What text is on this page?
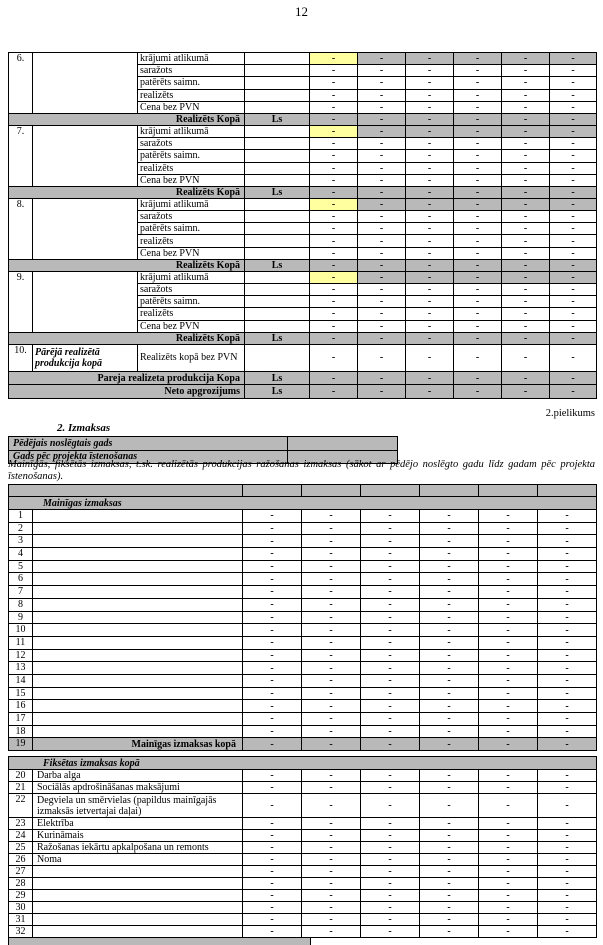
12
6.		krājumi atlikumā		-	-	-	-	-	-
		saražots		-	-	-	-	-	-
		patērēts saimn.		-	-	-	-	-	-
		realizēts		-	-	-	-	-	-
		Cena bez PVN		-	-	-	-	-	-
Realizēts Kopā			Ls	-	-	-	-	-	-
7.		krājumi atlikumā		-	-	-	-	-	-
		saražots		-	-	-	-	-	-
		patērēts saimn.		-	-	-	-	-	-
		realizēts		-	-	-	-	-	-
		Cena bez PVN		-	-	-	-	-	-
Realizēts Kopā			Ls	-	-	-	-	-	-
8.		krājumi atlikumā		-	-	-	-	-	-
		saražots		-	-	-	-	-	-
		patērēts saimn.		-	-	-	-	-	-
		realizēts		-	-	-	-	-	-
		Cena bez PVN		-	-	-	-	-	-
Realizēts Kopā			Ls	-	-	-	-	-	-
9.		krājumi atlikumā		-	-	-	-	-	-
		saražots		-	-	-	-	-	-
		patērēts saimn.		-	-	-	-	-	-
		realizēts		-	-	-	-	-	-
		Cena bez PVN		-	-	-	-	-	-
Realizēts Kopā			Ls	-	-	-	-	-	-
10.	Pārējā realizētā produkcija kopā	Realizēts kopā bez PVN		-	-	-	-	-	-
Pareja realizeta produkcija Kopa			Ls	-	-	-	-	-	-
Neto apgrozijums			Ls	-	-	-	-	-	-
2.pielikums
2. Izmaksas
Pēdējais noslēgtais gads	
Gads pēc projekta īstenošanas	
Mainīgās, fiksētās izmaksas, t.sk. realizētās produkcijas ražošanas izmaksas (sākot ar pēdējo noslēgto gadu līdz gadam pēc projekta īstenošanas).

Mainīgas izmaksas							
1		-	-	-	-	-	-
2		-	-	-	-	-	-
3		-	-	-	-	-	-
4		-	-	-	-	-	-
5		-	-	-	-	-	-
6		-	-	-	-	-	-
7		-	-	-	-	-	-
8		-	-	-	-	-	-
9		-	-	-	-	-	-
10		-	-	-	-	-	-
11		-	-	-	-	-	-
12		-	-	-	-	-	-
13		-	-	-	-	-	-
14		-	-	-	-	-	-
15		-	-	-	-	-	-
16		-	-	-	-	-	-
17		-	-	-	-	-	-
18		-	-	-	-	-	-
19	Mainīgas izmaksas kopā	-	-	-	-	-	-
Fiksētas izmaksas kopā							
20	Darba alga	-	-	-	-	-	-
21	Sociālās apdrošināšanas maksājumi	-	-	-	-	-	-
22	Degviela un smērvielas (papildus mainīgajās izmaksās ietvertajai daļai)	-	-	-	-	-	-
23	Elektrība	-	-	-	-	-	-
24	Kurināmais	-	-	-	-	-	-
25	Ražošanas iekārtu apkalpošana un remonts	-	-	-	-	-	-
26	Noma	-	-	-	-	-	-
27		-	-	-	-	-	-
28		-	-	-	-	-	-
29		-	-	-	-	-	-
30		-	-	-	-	-	-
31		-	-	-	-	-	-
32		-	-	-	-	-	-
